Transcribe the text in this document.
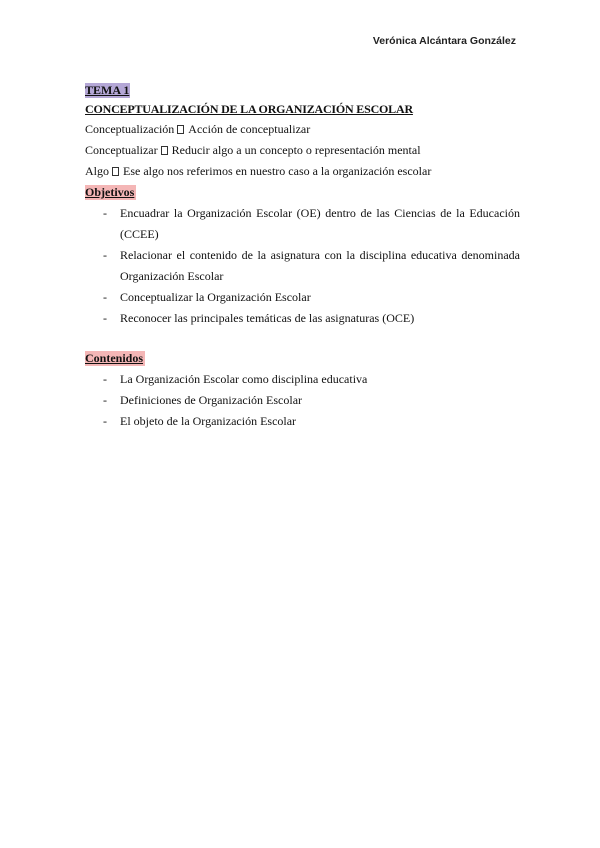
Verónica Alcántara González
TEMA 1
CONCEPTUALIZACIÓN DE LA ORGANIZACIÓN ESCOLAR
Conceptualización Acción de conceptualizar
Conceptualizar Reducir algo a un concepto o representación mental
Algo Ese algo nos referimos en nuestro caso a la organización escolar
Objetivos
- Encuadrar la Organización Escolar (OE) dentro de las Ciencias de la Educación (CCEE)
- Relacionar el contenido de la asignatura con la disciplina educativa denominada Organización Escolar
- Conceptualizar la Organización Escolar
- Reconocer las principales temáticas de las asignaturas (OCE)
Contenidos
- La Organización Escolar como disciplina educativa
- Definiciones de Organización Escolar
- El objeto de la Organización Escolar
